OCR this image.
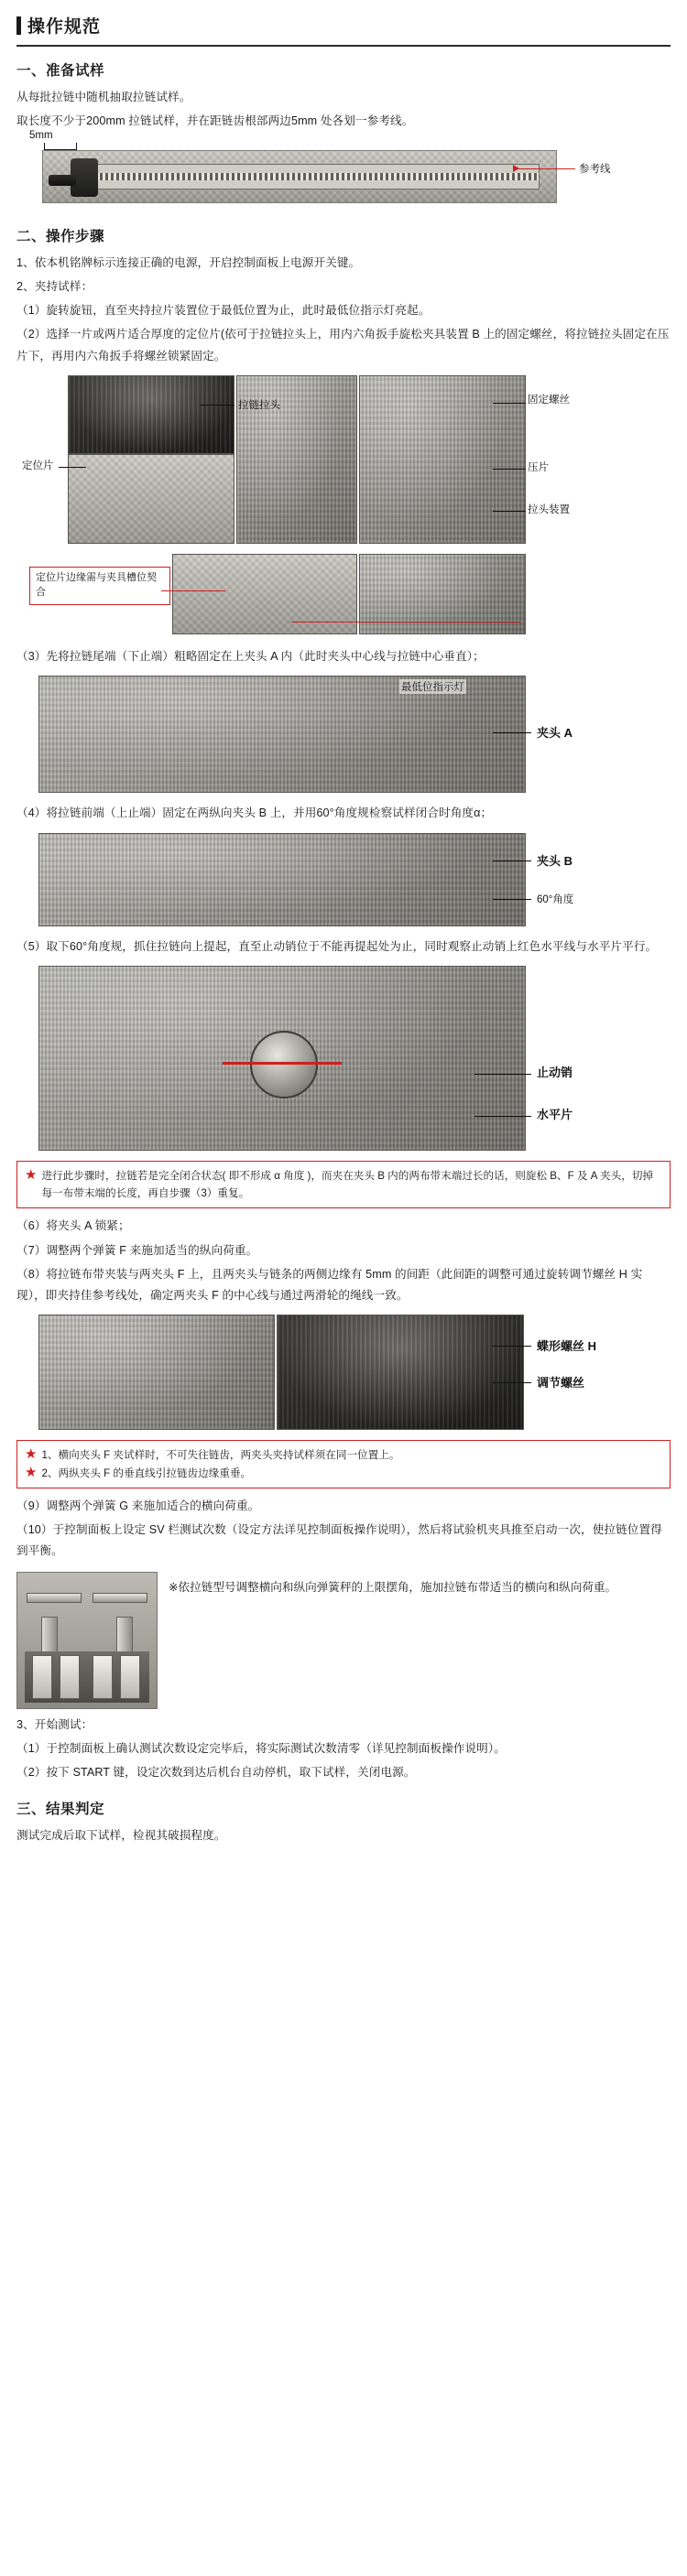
操作规范
一、准备试样

从每批拉链中随机抽取拉链试样。

取长度不少于200mm 拉链试样，并在距链齿根部两边5mm 处各划一参考线。

5mm
参考线
二、操作步骤

1、依本机铭牌标示连接正确的电源，开启控制面板上电源开关键。

2、夹持试样：

（1）旋转旋钮，直至夹持拉片装置位于最低位置为止，此时最低位指示灯亮起。

（2）选择一片或两片适合厚度的定位片(依可于拉链拉头上，用内六角扳手旋松夹具装置 B 上的固定螺丝，将拉链拉头固定在压片下，再用内六角扳手将螺丝锁紧固定。

拉链拉头	固定螺丝
定位片	压片
拉头装置
定位片边缘需与夹具槽位契合

（3）先将拉链尾端（下止端）粗略固定在上夹头 A 内（此时夹头中心线与拉链中心垂直）；

最低位指示灯
夹头 A

（4）将拉链前端（上止端）固定在两纵向夹头 B 上，并用60°角度规检察试样闭合时角度α；

夹头 B
60°角度

（5）取下60°角度规，抓住拉链向上提起，直至止动销位于不能再提起处为止，同时观察止动销上红色水平线与水平片平行。

止动销
水平片
★ 进行此步骤时，拉链若是完全闭合状态( 即不形成 α 角度 )，而夹在夹头 B 内的两布带末端过长的话，则旋松 B、F 及 A 夹头，切掉每一布带末端的长度，再自步骤（3）重复。

（6）将夹头 A 锁紧；

（7）调整两个弹簧 F 来施加适当的纵向荷重。

（8）将拉链布带夹装与两夹头 F 上，且两夹头与链条的两侧边缘有 5mm 的间距（此间距的调整可通过旋转调节螺丝 H 实现），即夹持佳参考线处，确定两夹头 F 的中心线与通过两滑轮的绳线一致。

蝶形螺丝 H
调节螺丝
★ 1、横向夹头 F 夹试样时，不可失往链齿，两夹头夹持试样须在同一位置上。
★ 2、两纵夹头 F 的垂直线引拉链齿边缘重垂。

（9）调整两个弹簧 G 来施加适合的横向荷重。

（10）于控制面板上设定 SV 栏测试次数（设定方法详见控制面板操作说明），然后将试验机夹具推至启动一次，使拉链位置得到平衡。

※依拉链型号调整横向和纵向弹簧秤的上限摆角，施加拉链布带适当的横向和纵向荷重。

3、开始测试：

（1）于控制面板上确认测试次数设定完毕后，将实际测试次数清零（详见控制面板操作说明）。

（2）按下 START 键，设定次数到达后机台自动停机，取下试样，关闭电源。

三、结果判定

测试完成后取下试样，检视其破损程度。
